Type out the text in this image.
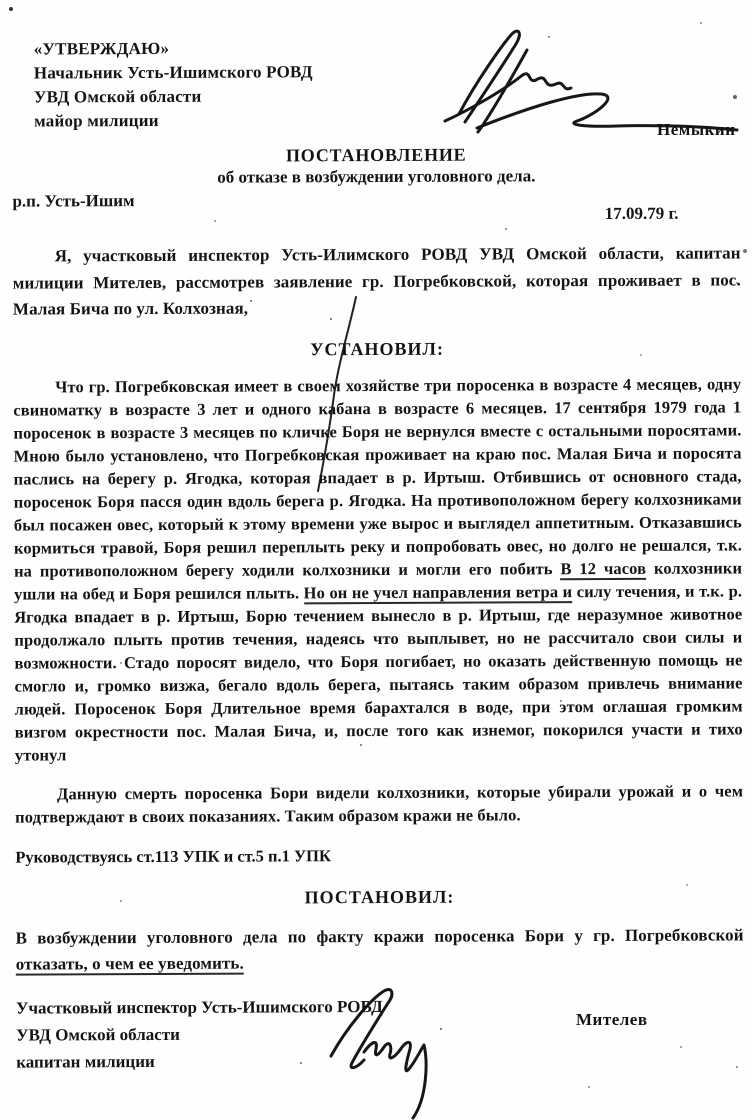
Немыкин
Мителев
«УТВЕРЖДАЮ»
Начальник Усть-Ишимского РОВД
УВД Омской области
майор милиции
ПОСТАНОВЛЕНИЕ
об отказе в возбуждении уголовного дела.
р.п. Усть-Ишим
17.09.79 г.

Я, участковый инспектор Усть-Илимского РОВД УВД Омской области, капитан милиции Мителев, рассмотрев заявление гр. Погребковской, которая проживает в пос. Малая Бича по ул. Колхозная,

УСТАНОВИЛ:

Что гр. Погребковская имеет в своем хозяйстве три поросенка в возрасте 4 месяцев, одну свиноматку в возрасте 3 лет и одного кабана в возрасте 6 месяцев. 17 сентября 1979 года 1 поросенок в возрасте 3 месяцев по кличке Боря не вернулся вместе с остальными поросятами. Мною было установлено, что Погребковская проживает на краю пос. Малая Бича и поросята паслись на берегу р. Ягодка, которая впадает в р. Иртыш. Отбившись от основного стада, поросенок Боря пасся один вдоль берега р. Ягодка. На противоположном берегу колхозниками был посажен овес, который к этому времени уже вырос и выглядел аппетитным. Отказавшись кормиться травой, Боря решил переплыть реку и попробовать овес, но долго не решался, т.к. на противоположном берегу ходили колхозники и могли его побить В 12 часов колхозники ушли на обед и Боря решился плыть. Но он не учел направления ветра и силу течения, и т.к. р. Ягодка впадает в р. Иртыш, Борю течением вынесло в р. Иртыш, где неразумное животное продолжало плыть против течения, надеясь что выплывет, но не рассчитало свои силы и возможности. Стадо поросят видело, что Боря погибает, но оказать действенную помощь не смогло и, громко визжа, бегало вдоль берега, пытаясь таким образом привлечь внимание людей. Поросенок Боря Длительное время барахтался в воде, при этом оглашая громким визгом окрестности пос. Малая Бича, и, после того как изнемог, покорился участи и тихо утонул

Данную смерть поросенка Бори видели колхозники, которые убирали урожай и о чем подтверждают в своих показаниях. Таким образом кражи не было.

Руководствуясь ст.113 УПК и ст.5 п.1 УПК
ПОСТАНОВИЛ:

В возбуждении уголовного дела по факту кражи поросенка Бори у гр. Погребковской отказать, о чем ее уведомить.

Участковый инспектор Усть-Ишимского РОВД
УВД Омской области
капитан милиции
